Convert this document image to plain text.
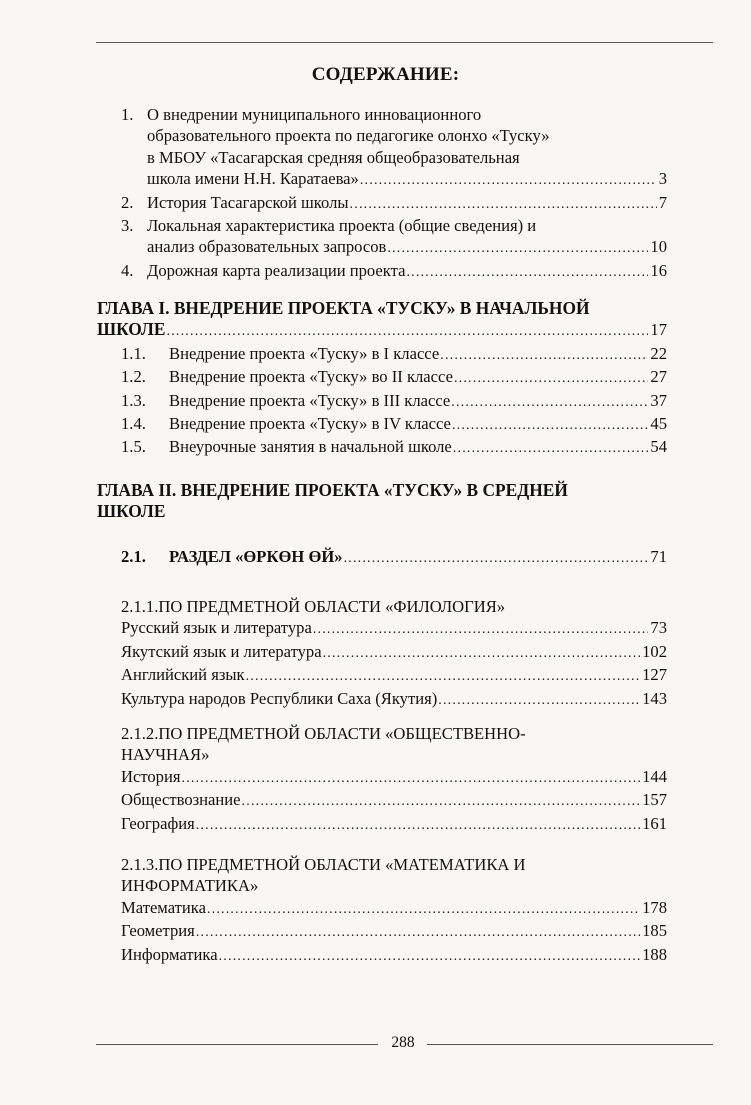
СОДЕРЖАНИЕ:
1. О внедрении муниципального инновационного
образовательного проекта по педагогике олонхо «Туску»
в МБОУ «Тасагарская средняя общеобразовательная
школа имени Н.Н. Каратаева» .....	3
2. История Тасагарской школы .....	7
3. Локальная характеристика проекта (общие сведения) и
анализ образовательных запросов .....	10
4. Дорожная карта реализации проекта .....	16
ГЛАВА I. ВНЕДРЕНИЕ ПРОЕКТА «ТУСКУ» В НАЧАЛЬНОЙ
ШКОЛЕ .....	17
1.1.	Внедрение проекта «Туску» в I классе .....	22
1.2.	Внедрение проекта «Туску» во II классе .....	27
1.3.	Внедрение проекта «Туску» в III классе .....	37
1.4.	Внедрение проекта «Туску» в IV классе .....	45
1.5.	Внеурочные занятия в начальной школе .....	54
ГЛАВА II. ВНЕДРЕНИЕ ПРОЕКТА «ТУСКУ» В СРЕДНЕЙ
ШКОЛЕ
2.1.	РАЗДЕЛ «ӨРКӨН ӨЙ» .....	71
2.1.1.ПО ПРЕДМЕТНОЙ ОБЛАСТИ «ФИЛОЛОГИЯ»
Русский язык и литература .....	73
Якутский язык и литература .....	102
Английский язык .....	127
Культура народов Республики Саха (Якутия) .....	143
2.1.2.ПО ПРЕДМЕТНОЙ ОБЛАСТИ «ОБЩЕСТВЕННО-
НАУЧНАЯ»
История .....	144
Обществознание .....	157
География .....	161
2.1.3.ПО ПРЕДМЕТНОЙ ОБЛАСТИ «МАТЕМАТИКА И
ИНФОРМАТИКА»
Математика .....	178
Геометрия .....	185
Информатика .....	188
288
